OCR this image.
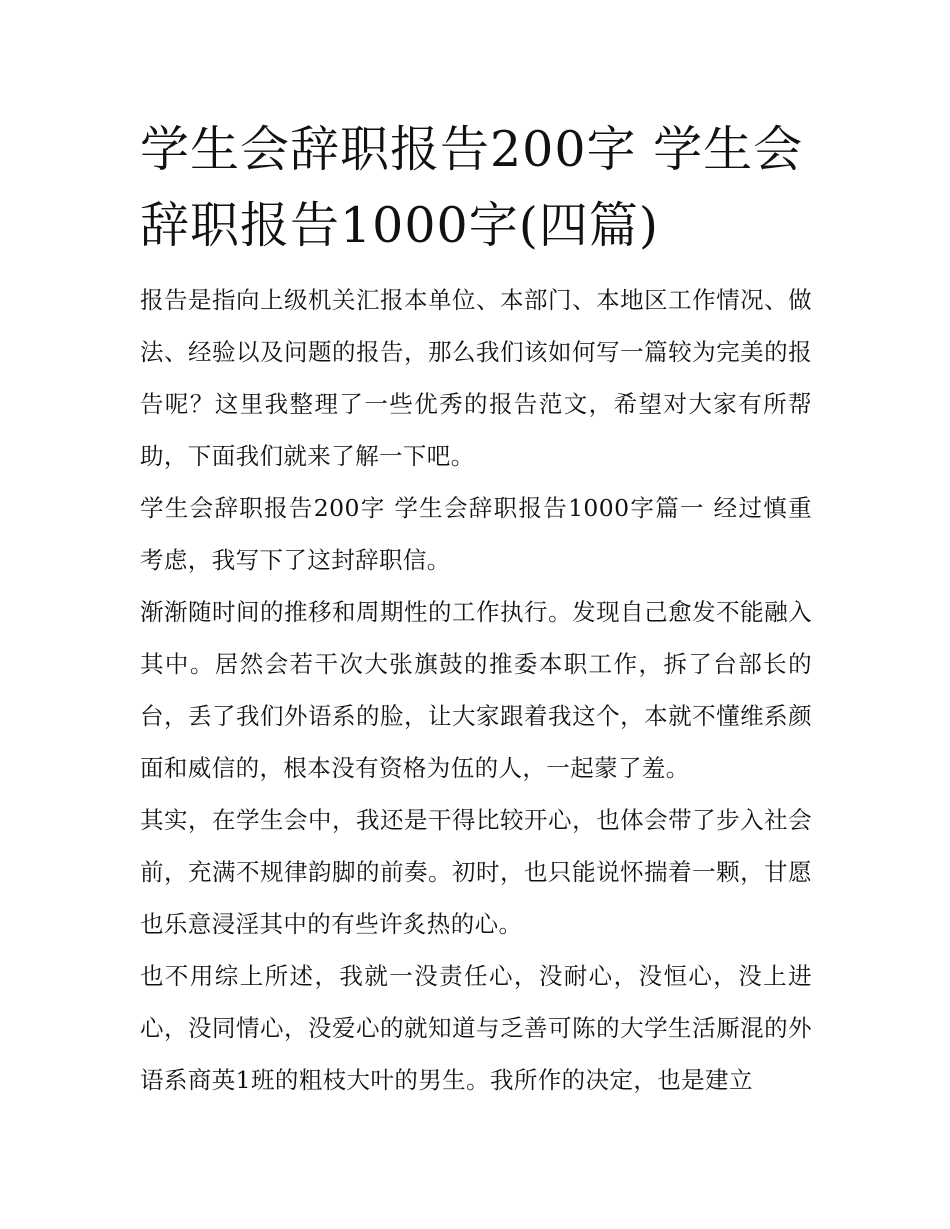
学生会辞职报告200字 学生会辞职报告1000字(四篇)

报告是指向上级机关汇报本单位、本部门、本地区工作情况、做法、经验以及问题的报告，那么我们该如何写一篇较为完美的报告呢？这里我整理了一些优秀的报告范文，希望对大家有所帮助，下面我们就来了解一下吧。

学生会辞职报告200字 学生会辞职报告1000字篇一 经过慎重考虑，我写下了这封辞职信。

渐渐随时间的推移和周期性的工作执行。发现自己愈发不能融入其中。居然会若干次大张旗鼓的推委本职工作，拆了台部长的台，丢了我们外语系的脸，让大家跟着我这个，本就不懂维系颜面和威信的，根本没有资格为伍的人，一起蒙了羞。

其实，在学生会中，我还是干得比较开心，也体会带了步入社会前，充满不规律韵脚的前奏。初时，也只能说怀揣着一颗，甘愿也乐意浸淫其中的有些许炙热的心。

也不用综上所述，我就一没责任心，没耐心，没恒心，没上进心，没同情心，没爱心的就知道与乏善可陈的大学生活厮混的外语系商英1班的粗枝大叶的男生。我所作的决定，也是建立
